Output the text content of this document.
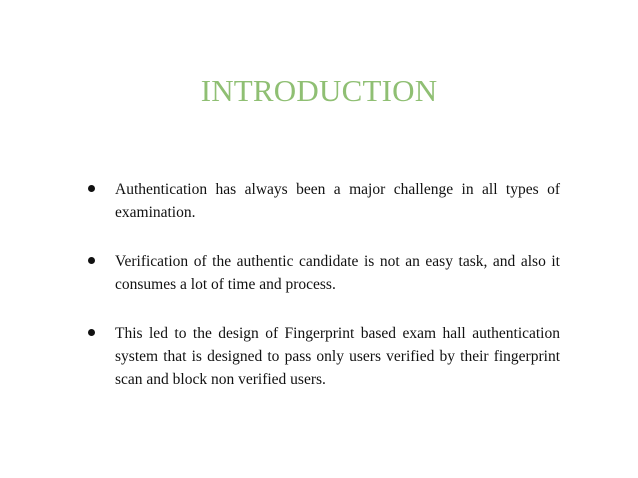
INTRODUCTION
Authentication has always been a major challenge in all types of examination.
Verification of the authentic candidate is not an easy task, and also it consumes a lot of time and process.
This led to the design of Fingerprint based exam hall authentication system that is designed to pass only users verified by their fingerprint scan and block non verified users.
